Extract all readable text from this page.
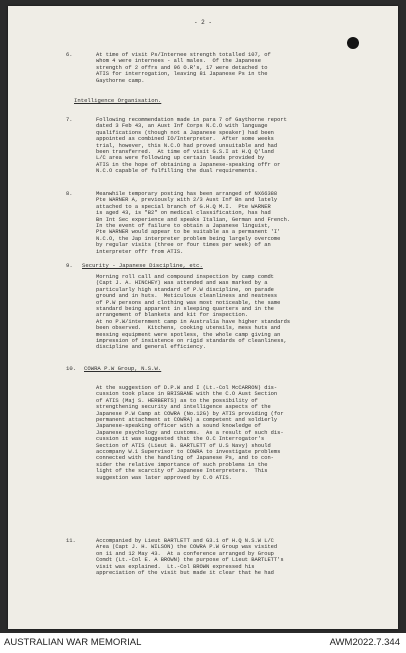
- 2 -
6.	At time of visit Ps/Internee strength totalled 107, of
whom 4 were internees - all males.  Of the Japanese
strength of 2 offrs and 96 O.R's, 17 were detached to
ATIS for interrogation, leaving 81 Japanese Ps in the
Gaythorne camp.
Intelligence Organisation.
7.	Following recommendation made in para 7 of Gaythorne report
dated 3 Feb 43, an Aust Inf Corps N.C.O with language
qualifications (though not a Japanese speaker) had been
appointed as combined IO/Interpreter.  After some weeks
trial, however, this N.C.O had proved unsuitable and had
been transferred.  At time of visit G.S.I at H.Q Q'land
L/C area were following up certain leads provided by
ATIS in the hope of obtaining a Japanese-speaking offr or
N.C.O capable of fulfilling the dual requirements.
8.	Meanwhile temporary posting has been arranged of NX66388
Pte WARNER A, previously with 2/3 Aust Inf Bn and lately
attached to a special branch of G.H.Q M.I.  Pte WARNER
is aged 43, is "B2" on medical classification, has had
Bn Int Sec experience and speaks Italian, German and French.
In the event of failure to obtain a Japanese linguist,
Pte WARNER would appear to be suitable as a permanent 'I'
N.C.O, the Jap interpreter problem being largely overcome
by regular visits (three or four times per week) of an
interpreter offr from ATIS.
9. Security - Japanese Discipline, etc.
Morning roll call and compound inspection by camp comdt
(Capt J. A. HINCHEY) was attended and was marked by a
particularly high standard of P.W discipline, on parade
ground and in huts.  Meticulous cleanliness and neatness
of P.W persons and clothing was most noticeable, the same
standard being apparent in sleeping quarters and in the
arrangement of blankets and kit for inspection.
At no P.W/internment camp in Australia have higher standards
been observed.  Kitchens, cooking utensils, mess huts and
messing equipment were spotless, the whole camp giving an
impression of insistence on rigid standards of cleanliness,
discipline and general efficiency.
10. COWRA P.W Group, N.S.W.
At the suggestion of D.P.W and I (Lt.-Col McCARRON) dis-
cussion took place in BRISBANE with the C.O Aust Section
of ATIS (Maj S. HERBERTS) as to the possibility of
strengthening security and intelligence aspects of the
Japanese P.W Camp at COWRA (No.12G) by ATIS providing (for
permanent attachment at COWRA) a competent and soldierly
Japanese-speaking officer with a sound knowledge of
Japanese psychology and customs.  As a result of such dis-
cussion it was suggested that the O.C Interrogator's
Section of ATIS (Lieut B. BARTLETT of U.S Navy) should
accompany W.1 Supervisor to COWRA to investigate problems
connected with the handling of Japanese Ps, and to con-
sider the relative importance of such problems in the
light of the scarcity of Japanese Interpreters.  This
suggestion was later approved by C.O ATIS.
11.	Accompanied by Lieut BARTLETT and G3.1 of H.Q N.S.W L/C
Area (Capt J. H. WILSON) the COWRA P.W Group was visited
on 11 and 12 May 43.  At a conference arranged by Group
Comdt (Lt.-Col E. A BROWN) the purpose of Lieut BARTLETT's
visit was explained.  Lt.-Col BROWN expressed his
appreciation of the visit but made it clear that he had
AUSTRALIAN WAR MEMORIAL	AWM2022.7.344
